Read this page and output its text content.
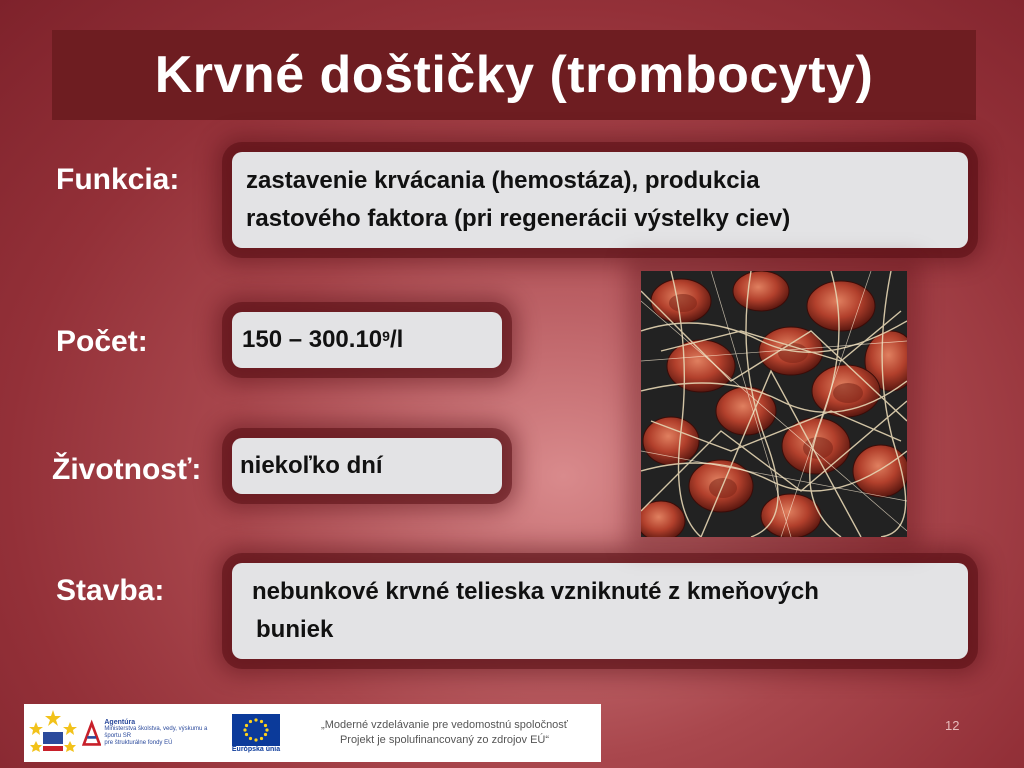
Krvné doštičky (trombocyty)
Funkcia:	zastavenie krvácania (hemostáza), produkcia
rastového faktora (pri regenerácii výstelky ciev)
Počet:	150 – 300.10$^9$/l
Životnosť:	niekoľko dní
Stavba:	nebunkové krvné telieska vzniknuté z kmeňových
buniek
Agentúra
Ministerstva školstva, vedy, výskumu a športu SR
pre štrukturálne fondy EÚ
Európska únia
„Moderné vzdelávanie pre vedomostnú spoločnosť
Projekt je spolufinancovaný zo zdrojov EÚ“
12
